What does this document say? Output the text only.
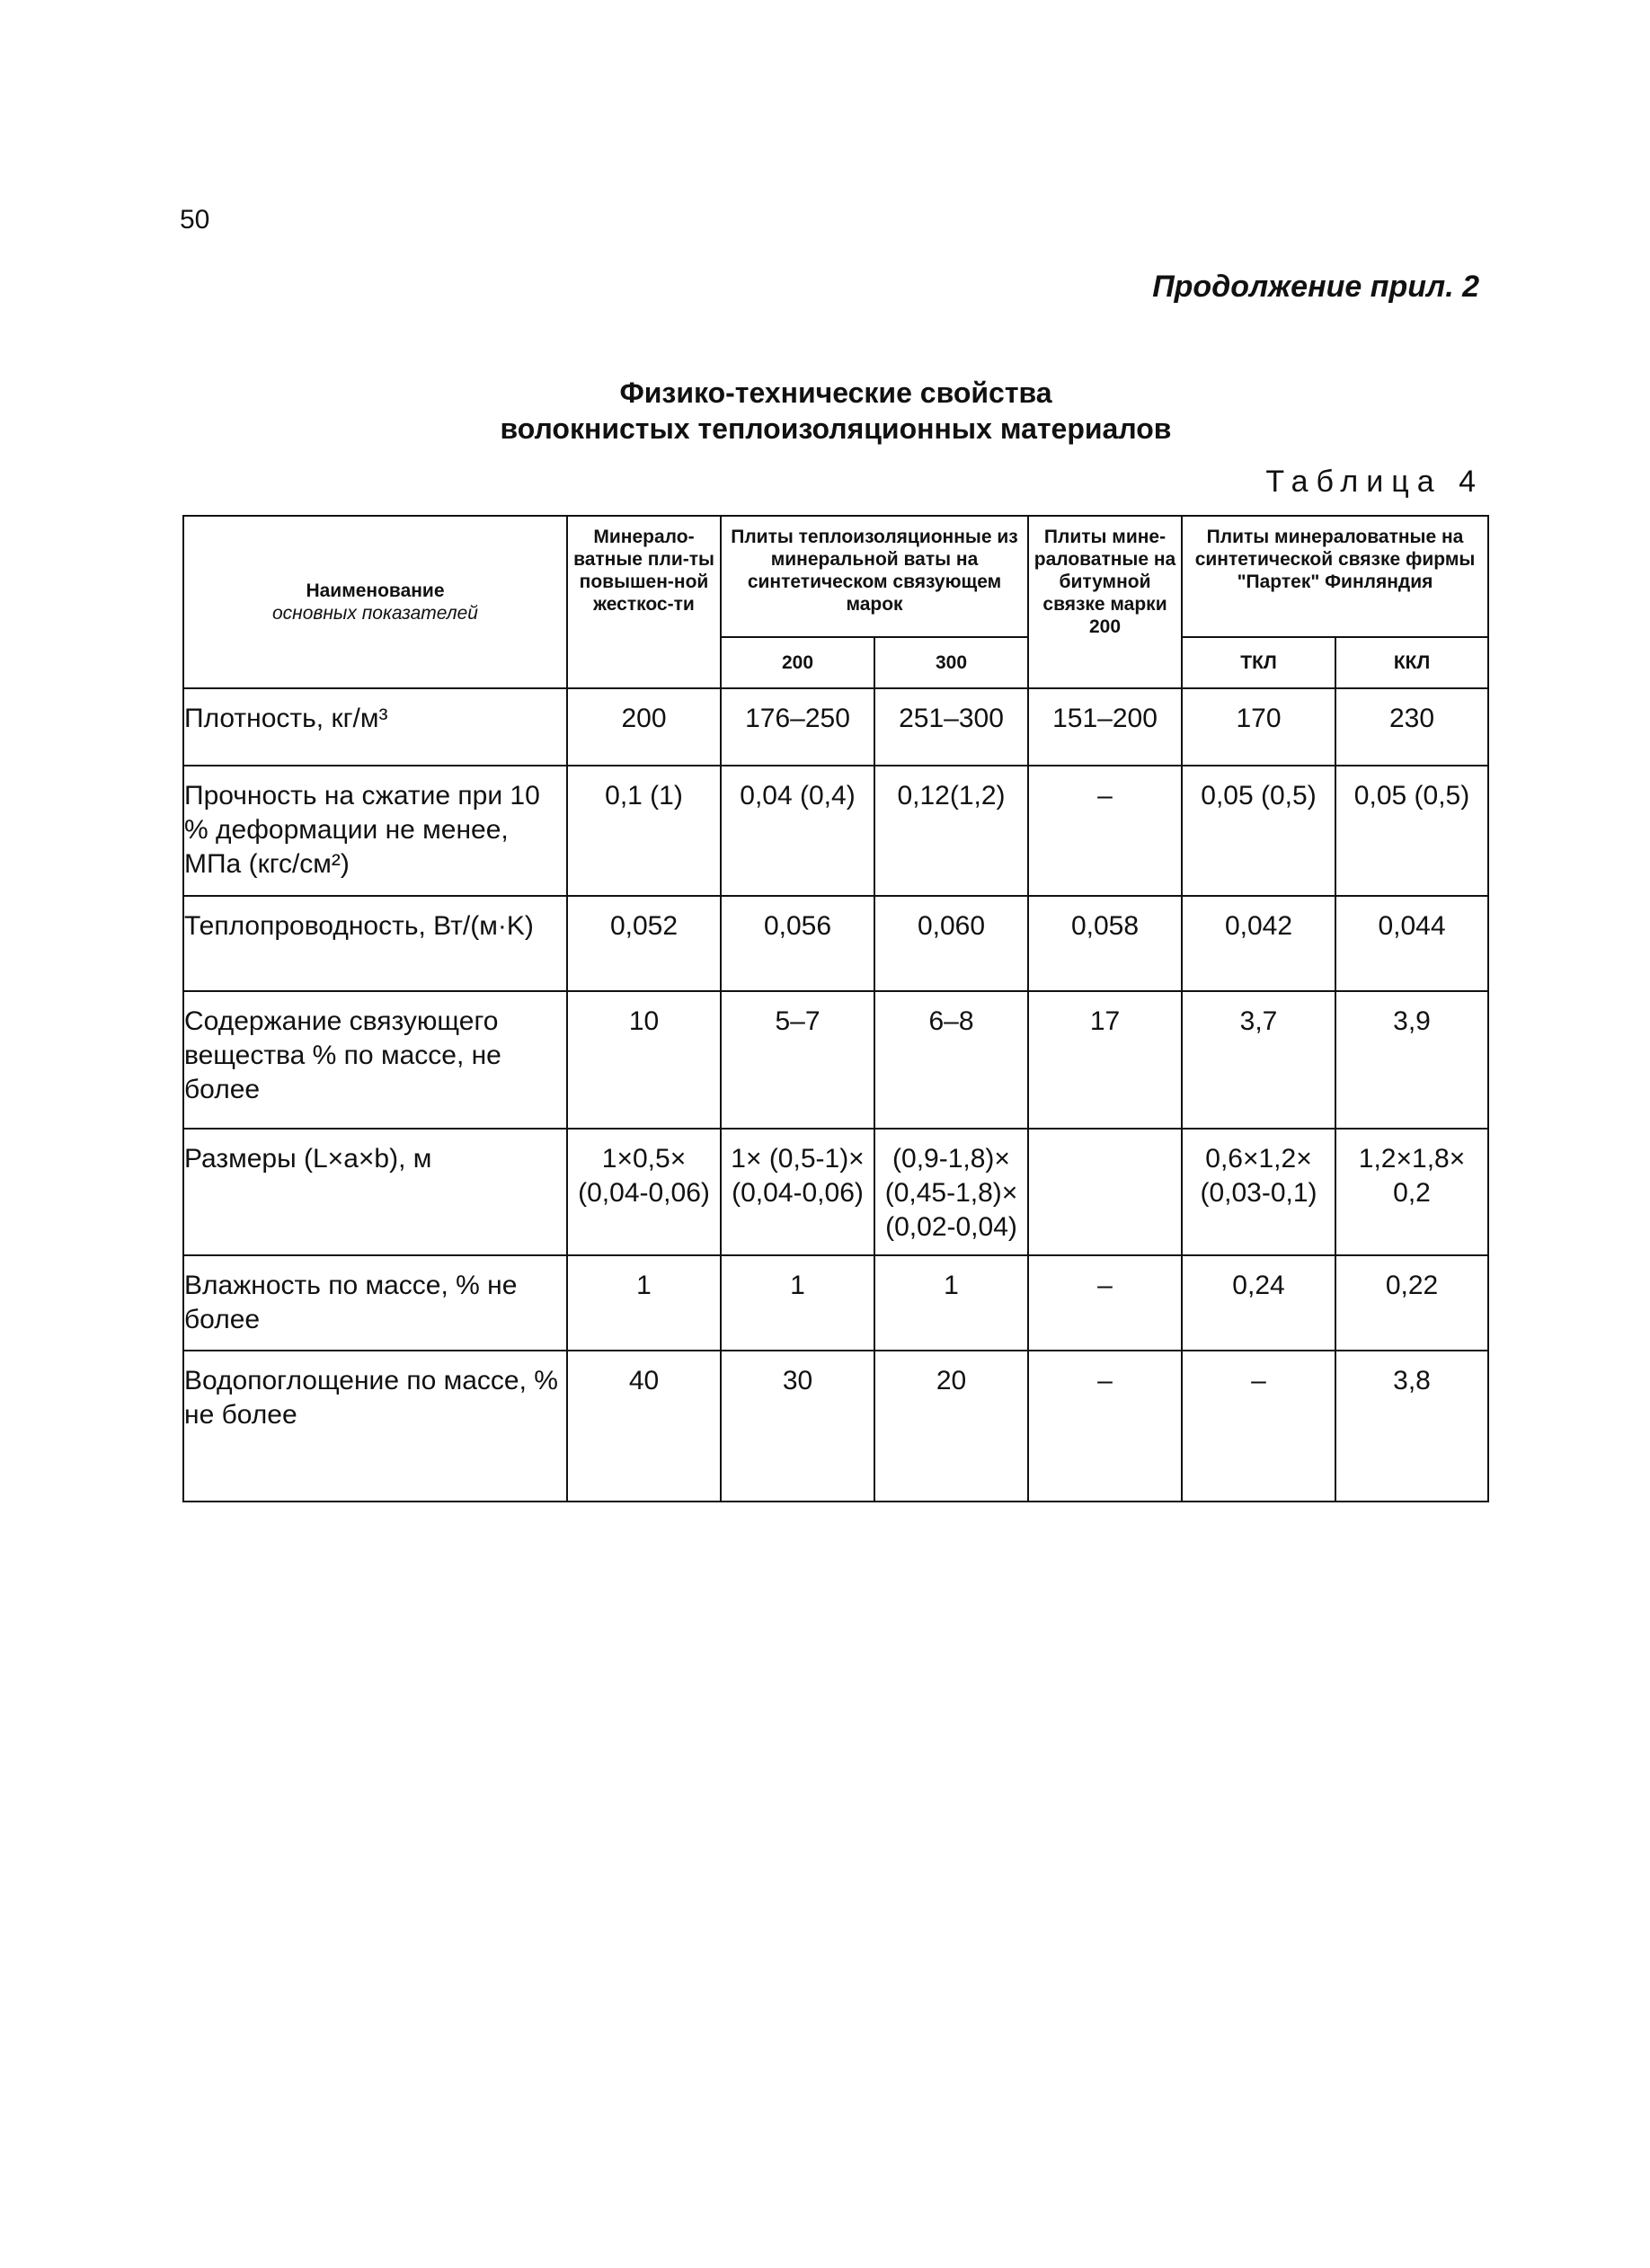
50
Продолжение прил. 2
Физико-технические свойства
волокнистых теплоизоляционных материалов
Таблица 4
Наименование
основных показателей	Минерало-ватные пли-ты повышен-ной жесткос-ти	Плиты теплоизоляционные из минеральной ваты на синтетическом связующем марок		Плиты мине-раловатные на битумной связке марки 200	Плиты минераловатные на синтетической связке фирмы "Партек" Финляндия	
		200	300		ТКЛ	ККЛ
Плотность, кг/м³	200	176–250	251–300	151–200	170	230
Прочность на сжатие при 10 % деформации не менее, МПа (кгс/см²)	0,1 (1)	0,04 (0,4)	0,12(1,2)	–	0,05 (0,5)	0,05 (0,5)
Теплопроводность, Вт/(м·K)	0,052	0,056	0,060	0,058	0,042	0,044
Содержание связующего вещества % по массе, не более	10	5–7	6–8	17	3,7	3,9
Размеры (L×a×b), м	1×0,5× (0,04-0,06)	1× (0,5-1)× (0,04-0,06)	(0,9-1,8)× (0,45-1,8)× (0,02-0,04)		0,6×1,2× (0,03-0,1)	1,2×1,8× 0,2
Влажность по массе, % не более	1	1	1	–	0,24	0,22
Водопоглощение по массе, % не более	40	30	20	–	–	3,8
